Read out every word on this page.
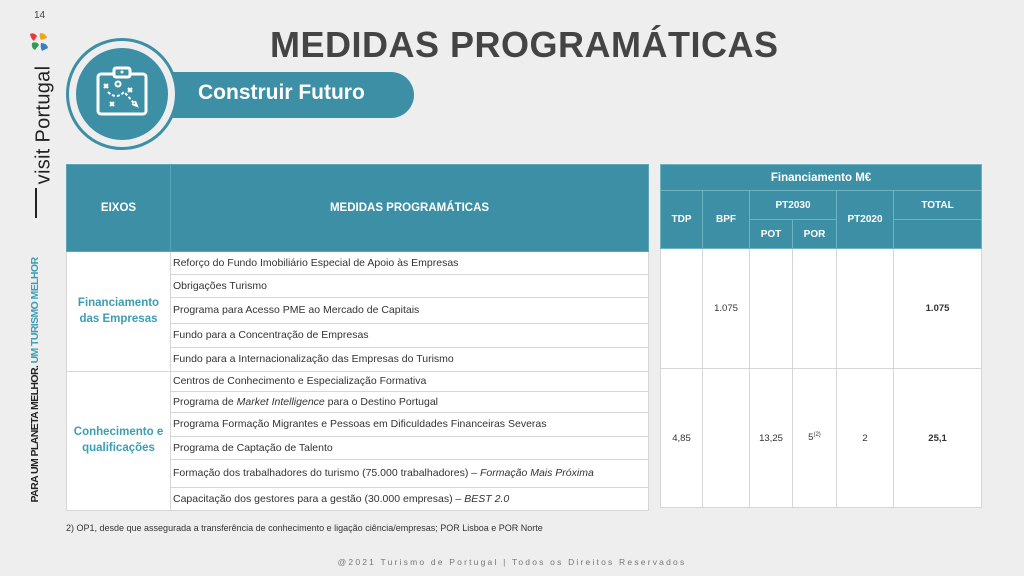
14
visit Portugal
PARA UM PLANETA MELHOR. UM TURISMO MELHOR
MEDIDAS PROGRAMÁTICAS
Construir Futuro
EIXOS	MEDIDAS PROGRAMÁTICAS
Financiamento das Empresas	Reforço do Fundo Imobiliário Especial de Apoio às Empresas
	Obrigações Turismo
	Programa para Acesso PME ao Mercado de Capitais
	Fundo para a Concentração de Empresas
	Fundo para a Internacionalização das Empresas do Turismo
Conhecimento e qualificações	Centros de Conhecimento e Especialização Formativa
	Programa de Market Intelligence para o Destino Portugal
	Programa Formação Migrantes e Pessoas em Dificuldades Financeiras Severas
	Programa de Captação de Talento
	Formação dos trabalhadores do turismo (75.000 trabalhadores) – Formação Mais Próxima
	Capacitação dos gestores para a gestão (30.000 empresas) – BEST 2.0
Financiamento M€					
TDP	BPF	PT2030		PT2020	TOTAL
		POT	POR		
	1.075				1.075
4,85		13,25	5$^{(2)}$	2	25,1
2) OP1, desde que assegurada a transferência de conhecimento e ligação ciência/empresas; POR Lisboa e POR Norte
@2021 Turismo de Portugal | Todos os Direitos Reservados
